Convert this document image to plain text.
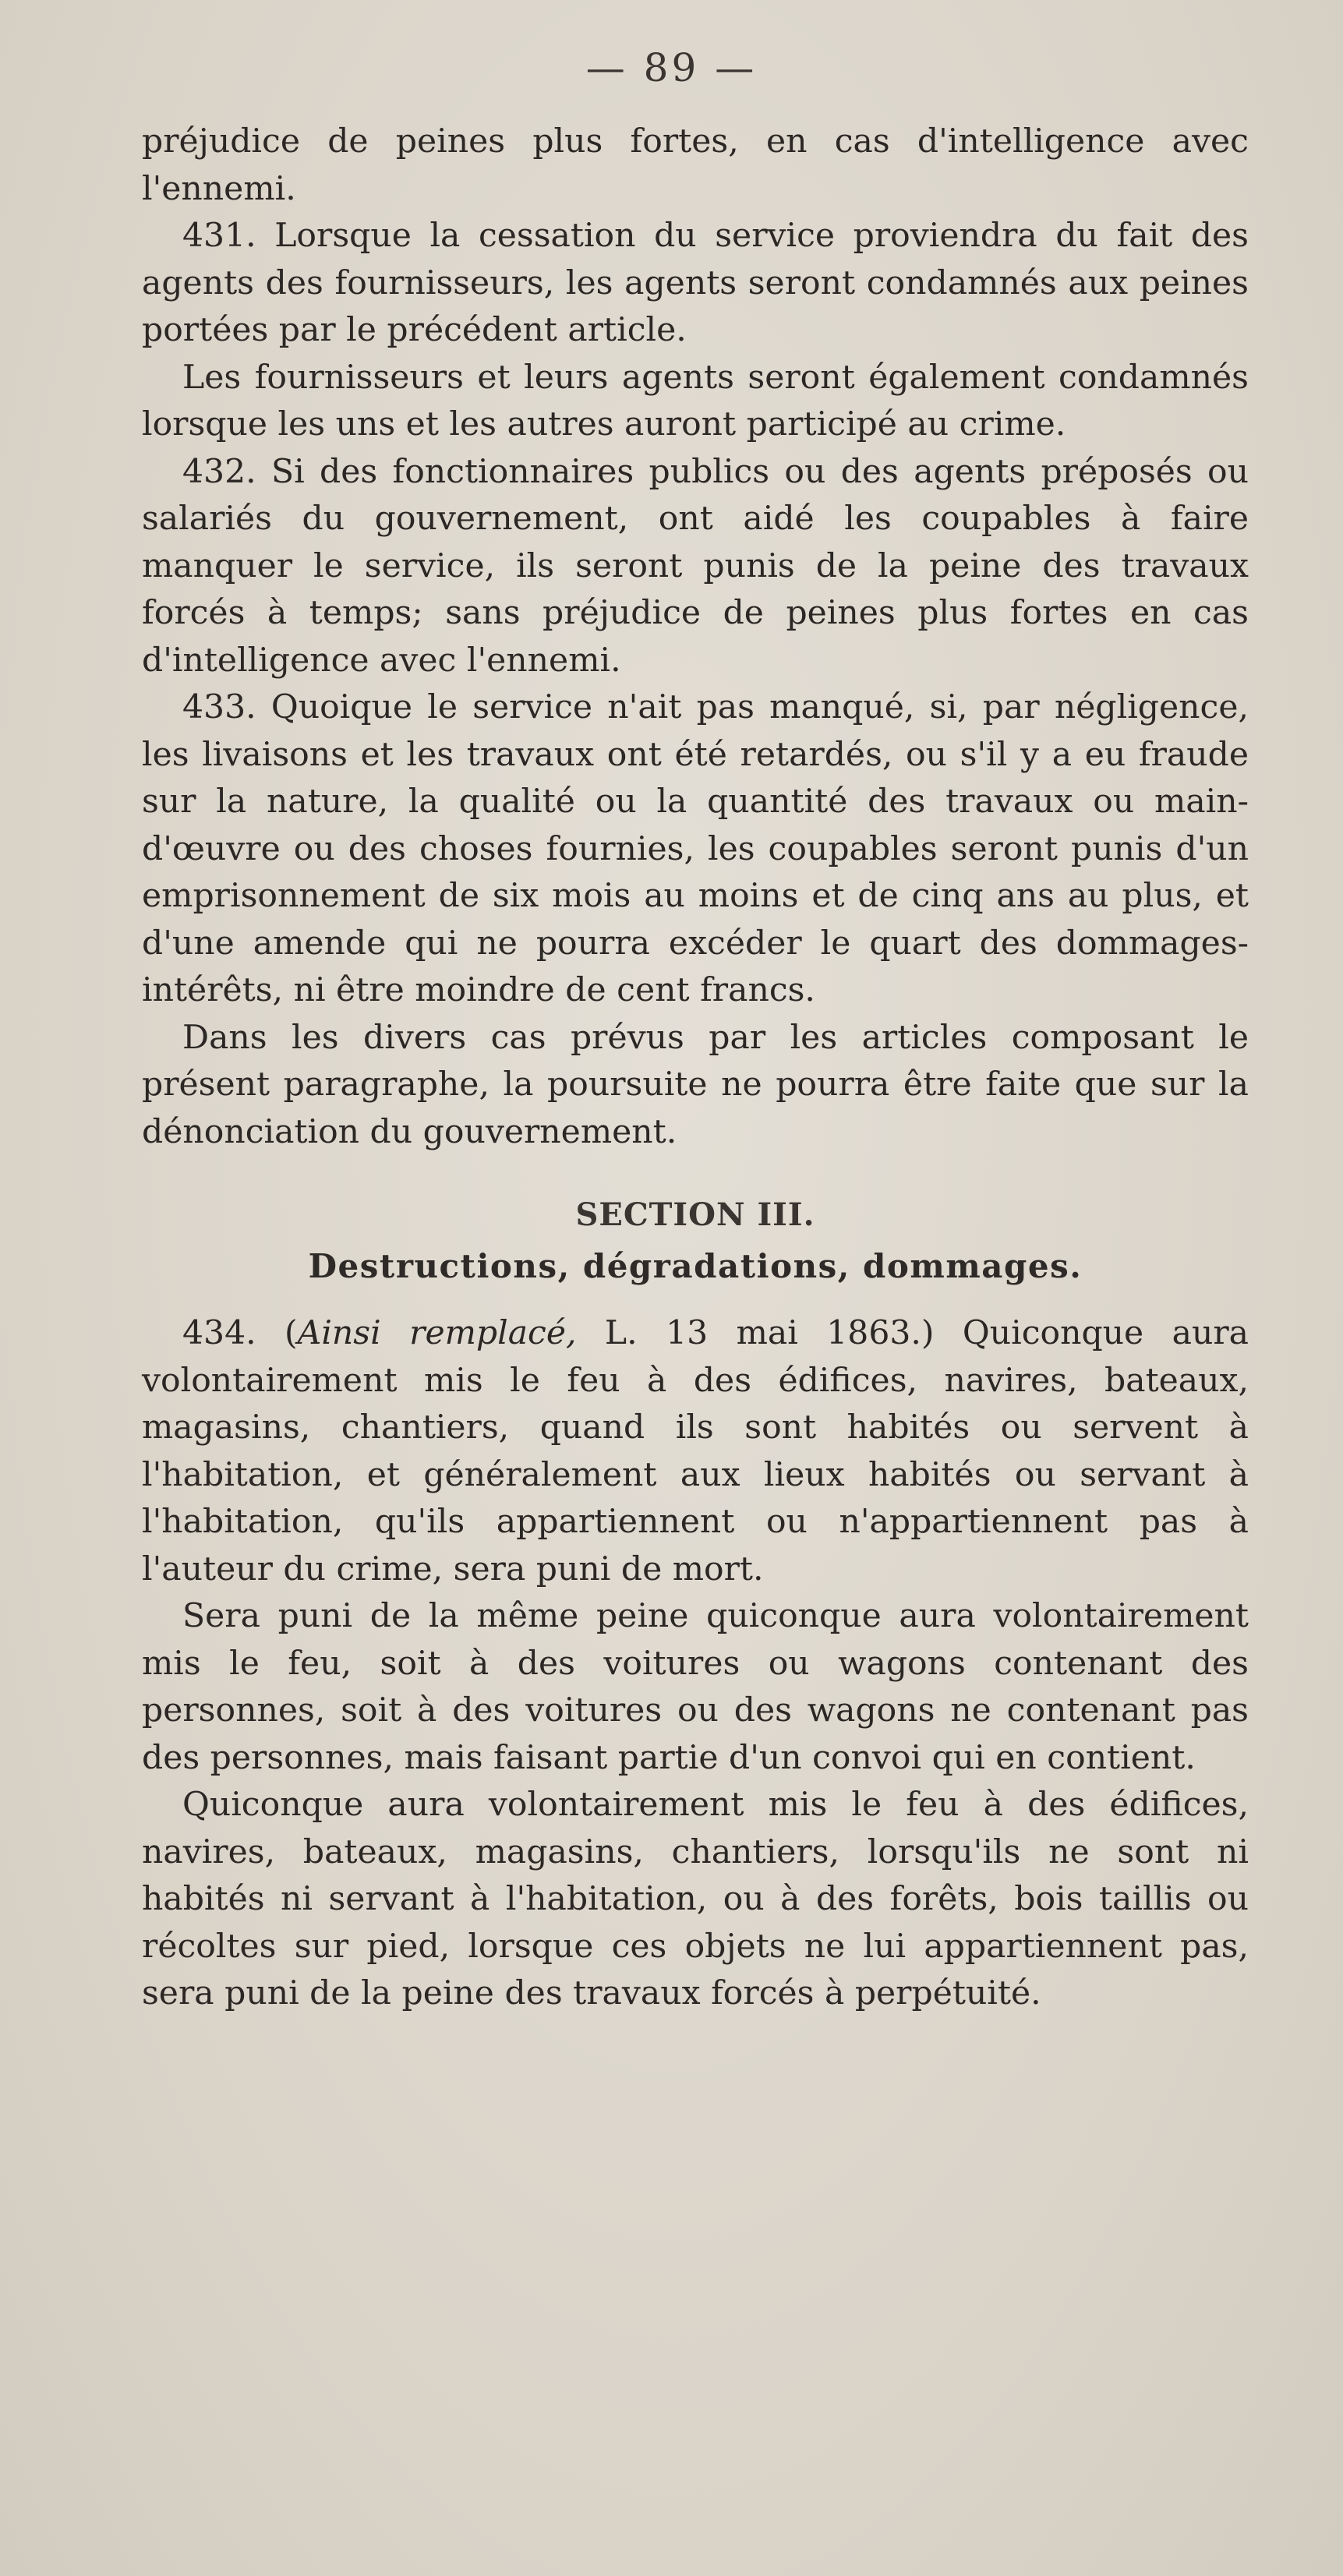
— 89 —

préjudice de peines plus fortes, en cas d'intelligence avec l'ennemi.

431. Lorsque la cessation du service proviendra du fait des agents des fournisseurs, les agents seront condamnés aux peines portées par le précédent article.

Les fournisseurs et leurs agents seront également condamnés lorsque les uns et les autres auront participé au crime.

432. Si des fonctionnaires publics ou des agents préposés ou salariés du gouvernement, ont aidé les coupables à faire manquer le service, ils seront punis de la peine des travaux forcés à temps; sans préjudice de peines plus fortes en cas d'intelligence avec l'ennemi.

433. Quoique le service n'ait pas manqué, si, par négligence, les livaisons et les travaux ont été retardés, ou s'il y a eu fraude sur la nature, la qualité ou la quantité des travaux ou main-d'œuvre ou des choses fournies, les coupables seront punis d'un emprisonnement de six mois au moins et de cinq ans au plus, et d'une amende qui ne pourra excéder le quart des dommages-intérêts, ni être moindre de cent francs.

Dans les divers cas prévus par les articles composant le présent paragraphe, la poursuite ne pourra être faite que sur la dénonciation du gouvernement.

SECTION III.
Destructions, dégradations, dommages.

434. (Ainsi remplacé, L. 13 mai 1863.) Quiconque aura volontairement mis le feu à des édifices, navires, bateaux, magasins, chantiers, quand ils sont habités ou servent à l'habitation, et généralement aux lieux habités ou servant à l'habitation, qu'ils appartiennent ou n'appartiennent pas à l'auteur du crime, sera puni de mort.

Sera puni de la même peine quiconque aura volontairement mis le feu, soit à des voitures ou wagons contenant des personnes, soit à des voitures ou des wagons ne contenant pas des personnes, mais faisant partie d'un convoi qui en contient.

Quiconque aura volontairement mis le feu à des édifices, navires, bateaux, magasins, chantiers, lorsqu'ils ne sont ni habités ni servant à l'habitation, ou à des forêts, bois taillis ou récoltes sur pied, lorsque ces objets ne lui appartiennent pas, sera puni de la peine des travaux forcés à perpétuité.
